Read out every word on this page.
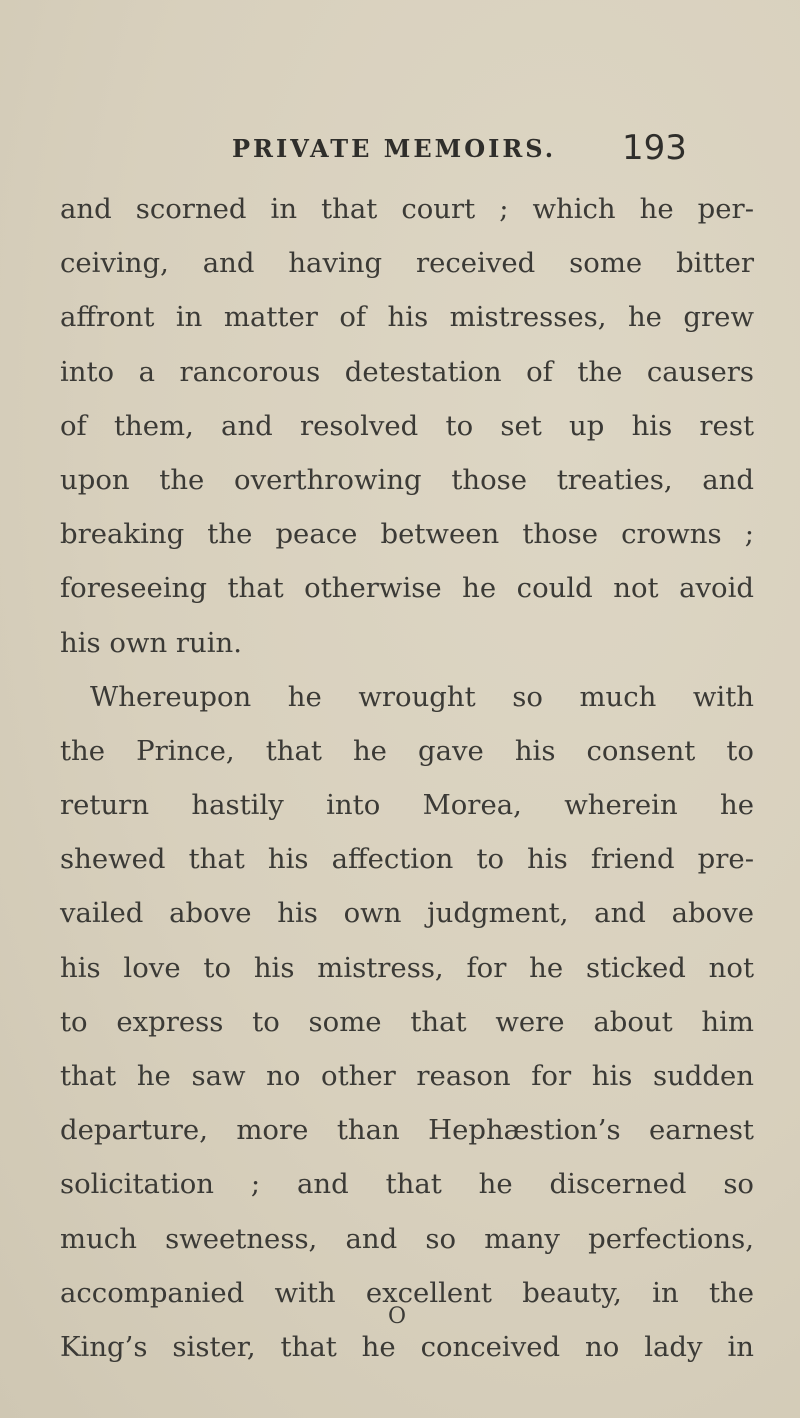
PRIVATE MEMOIRS. 193
and scorned in that court ; which he per-
ceiving, and having received some bitter
affront in matter of his mistresses, he grew
into a rancorous detestation of the causers
of them, and resolved to set up his rest
upon the overthrowing those treaties, and
breaking the peace between those crowns ;
foreseeing that otherwise he could not avoid
his own ruin.
Whereupon he wrought so much with
the Prince, that he gave his consent to
return hastily into Morea, wherein he
shewed that his affection to his friend pre-
vailed above his own judgment, and above
his love to his mistress, for he sticked not
to express to some that were about him
that he saw no other reason for his sudden
departure, more than Hephæstion’s earnest
solicitation ; and that he discerned so
much sweetness, and so many perfections,
accompanied with excellent beauty, in the
King’s sister, that he conceived no lady in
O
